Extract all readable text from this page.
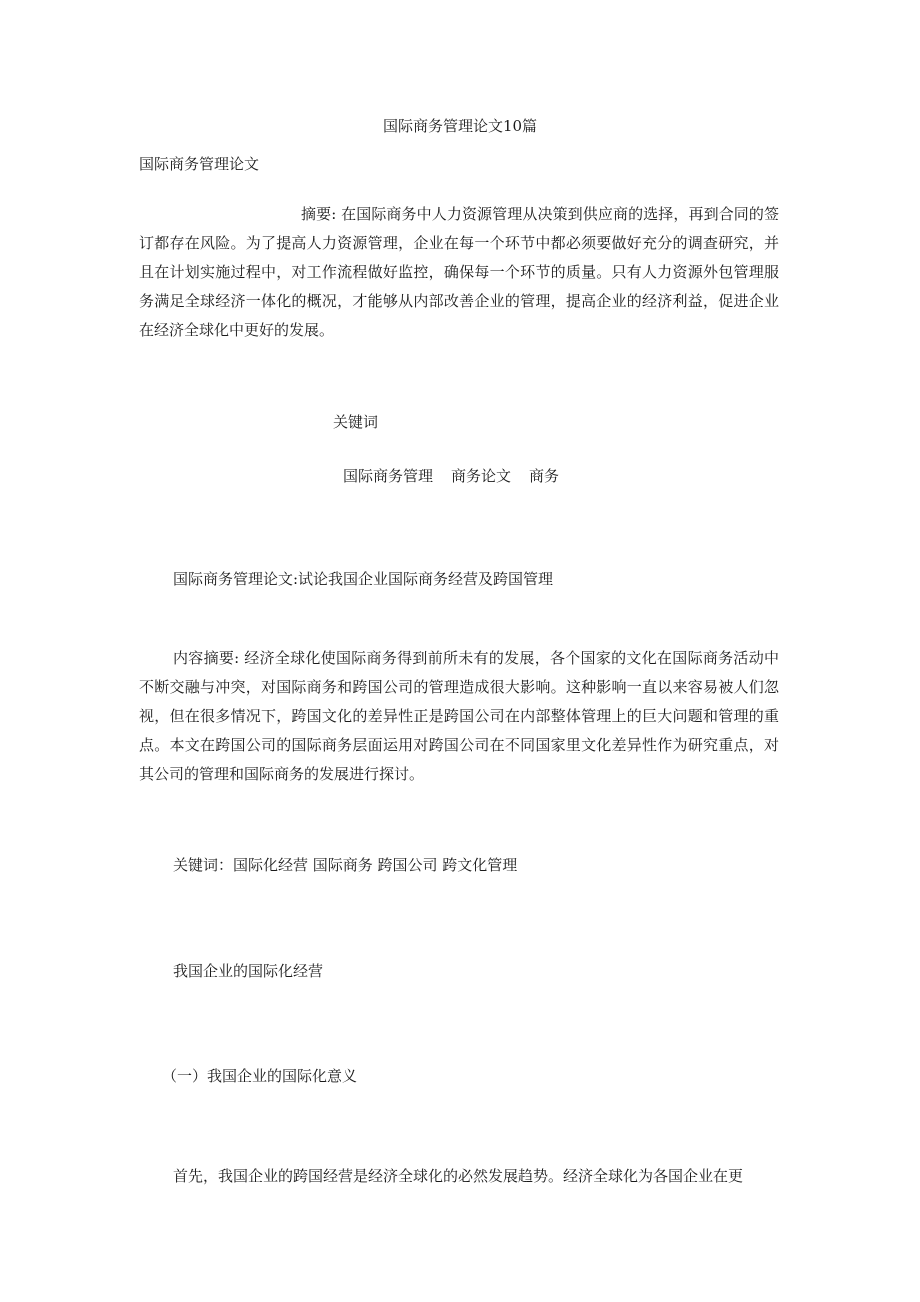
国际商务管理论文10篇

国际商务管理论文

摘要: 在国际商务中人力资源管理从决策到供应商的选择，再到合同的签订都存在风险。为了提高人力资源管理，企业在每一个环节中都必须要做好充分的调查研究，并且在计划实施过程中，对工作流程做好监控，确保每一个环节的质量。只有人力资源外包管理服务满足全球经济一体化的概况，才能够从内部改善企业的管理，提高企业的经济利益，促进企业在经济全球化中更好的发展。

关键词

国际商务管理 商务论文 商务

国际商务管理论文:试论我国企业国际商务经营及跨国管理

内容摘要: 经济全球化使国际商务得到前所未有的发展，各个国家的文化在国际商务活动中不断交融与冲突，对国际商务和跨国公司的管理造成很大影响。这种影响一直以来容易被人们忽视，但在很多情况下，跨国文化的差异性正是跨国公司在内部整体管理上的巨大问题和管理的重点。本文在跨国公司的国际商务层面运用对跨国公司在不同国家里文化差异性作为研究重点，对其公司的管理和国际商务的发展进行探讨。

关键词：国际化经营 国际商务 跨国公司 跨文化管理

我国企业的国际化经营

（一）我国企业的国际化意义

首先，我国企业的跨国经营是经济全球化的必然发展趋势。经济全球化为各国企业在更
